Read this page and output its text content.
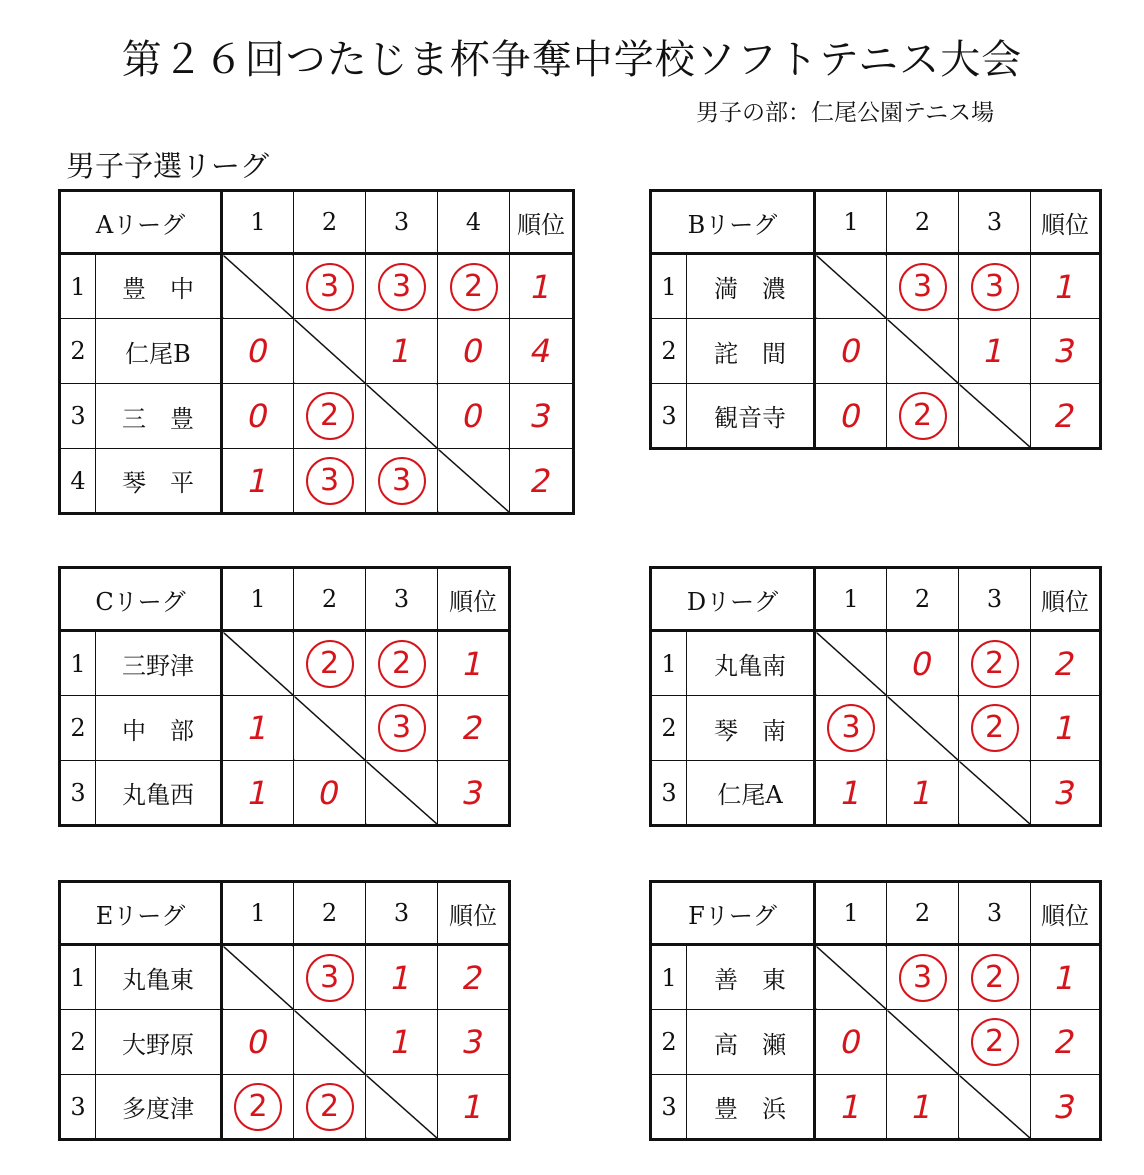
第２６回つたじま杯争奪中学校ソフトテニス大会
男子の部：仁尾公園テニス場
男子予選リーグ
Aリーグ		1	2	3	4	順位
1	豊　中		3	3	2	1
2	仁尾B	0		1	0	4
3	三　豊	0	2		0	3
4	琴　平	1	3	3		2
Bリーグ		1	2	3	順位
1	満　濃		3	3	1
2	詫　間	0		1	3
3	観音寺	0	2		2
Cリーグ		1	2	3	順位
1	三野津		2	2	1
2	中　部	1		3	2
3	丸亀西	1	0		3
Dリーグ		1	2	3	順位
1	丸亀南		0	2	2
2	琴　南	3		2	1
3	仁尾A	1	1		3
Eリーグ		1	2	3	順位
1	丸亀東		3	1	2
2	大野原	0		1	3
3	多度津	2	2		1
Fリーグ		1	2	3	順位
1	善　東		3	2	1
2	高　瀬	0		2	2
3	豊　浜	1	1		3
